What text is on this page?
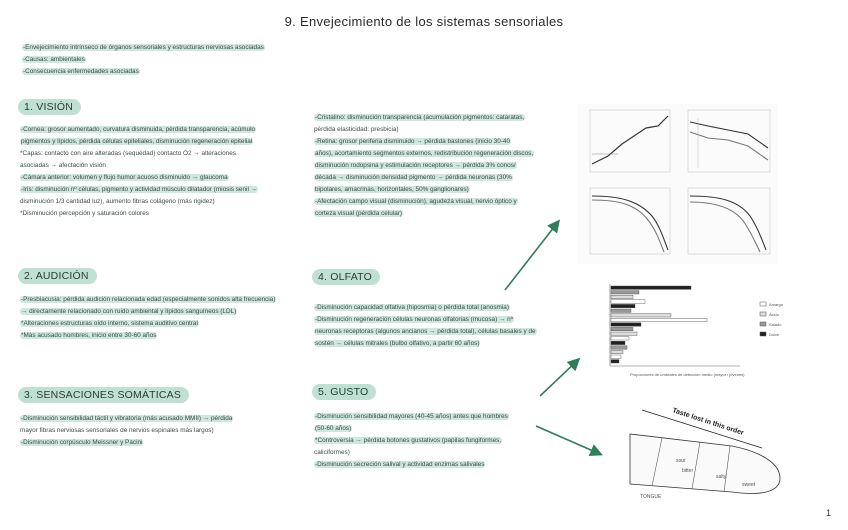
9. Envejecimiento de los sistemas sensoriales

-Envejecimiento intrínseco de órganos sensoriales y estructuras nerviosas asociadas

-Causas: ambientales

-Consecuencia enfermedades asociadas

1. VISIÓN

-Cornea: grosor aumentado, curvatura disminuida, pérdida transparencia, acúmulo

pigmentos y lípidos, pérdida células epiteliales, disminución regeneración epitelial

*Capas: contacto con aire alteradas (sequedad) contacto O2 → alteraciones

asociadas → afectación visión

-Cámara anterior: volumen y flujo humor acuoso disminuido → glaucoma

-Iris: disminución nº células, pigmento y actividad músculo dilatador (miosis senil →

disminución 1/3 cantidad luz), aumento fibras colágeno (más rigidez)

*Disminución percepción y saturación colores

2. AUDICIÓN

-Presbiacusia: pérdida audición relacionada edad (especialmente sonidos alta frecuencia)

→ directamente relacionado con ruido ambiental y lípidos sanguíneos (LDL)

*Alteraciones estructuras oído interno, sistema auditivo central

*Más acusado hombres, inicio entre 30-60 años

3. SENSACIONES SOMÁTICAS

-Disminución sensibilidad táctil y vibratoria (más acusado MMII) → pérdida

mayor fibras nerviosas sensoriales de nervios espinales más largos)

-Disminución corpúsculo Meissner y Pacini

-Cristalino: disminución transparencia (acumulación pigmentos: cataratas,

pérdida elasticidad: presbicia)

-Retina: grosor periferia disminuido → pérdida bastones (inicio 30-40

años), acortamiento segmentos externos, redistribución regeneración discos,

disminución rodopsina y estimulación receptores → pérdida 3% conos/

década → disminución densidad pigmento → pérdida neuronas (30%

bipolares, amacrinas, horizontales, 50% ganglionares)

-Afectación campo visual (disminución), agudeza visual, nervio óptico y

corteza visual (pérdida celular)

4. OLFATO

-Disminución capacidad olfativa (hiposmia) o pérdida total (anosmia)

-Disminución regeneración células neuronas olfatorias (mucosa) → nº

neuronas receptoras (algunos ancianos → pérdida total), células basales y de

sostén → células mitrales (bulbo olfativo, a partir 60 años)

5. GUSTO

-Disminución sensibilidad mayores (40-45 años) antes que hombres

(50-60 años)

*Controversia → pérdida botones gustativos (papilas fungiformes,

caliciformes)

-Disminución secreción salival y actividad enzimas salivales

Amargo
Ácido
Salado
Dulce
Proporciones de umbrales de detección medio (mayor / jóvenes)
Taste lost in this order
sour
bitter
salty
sweet
TONGUE
1
